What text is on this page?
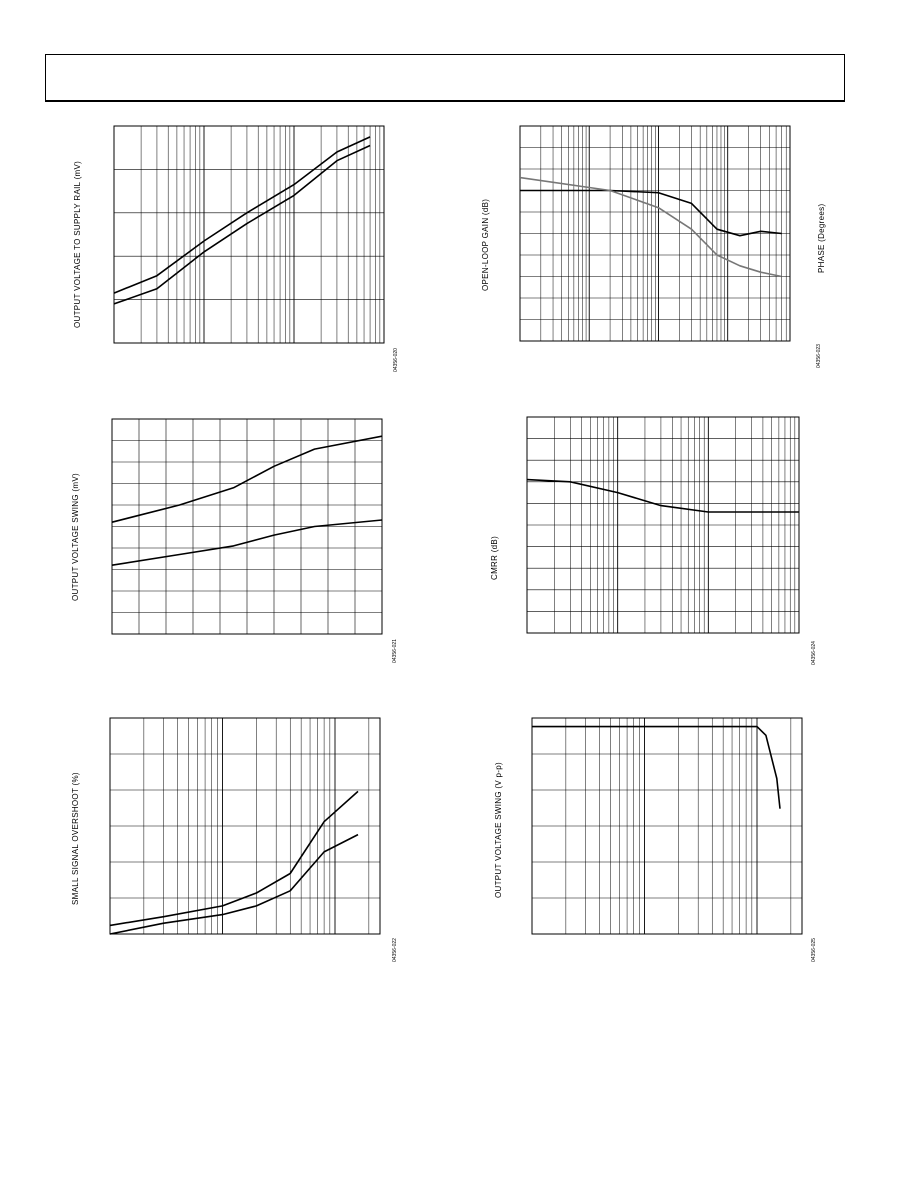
OUTPUT VOLTAGE TO SUPPLY RAIL (mV)
04356-020
OUTPUT VOLTAGE SWING (mV)
04356-021
SMALL SIGNAL OVERSHOOT (%)
04356-022
OPEN-LOOP GAIN (dB)	PHASE (Degrees)
04356-023
CMRR (dB)
04356-024
OUTPUT VOLTAGE SWING (V p-p)
04356-025
